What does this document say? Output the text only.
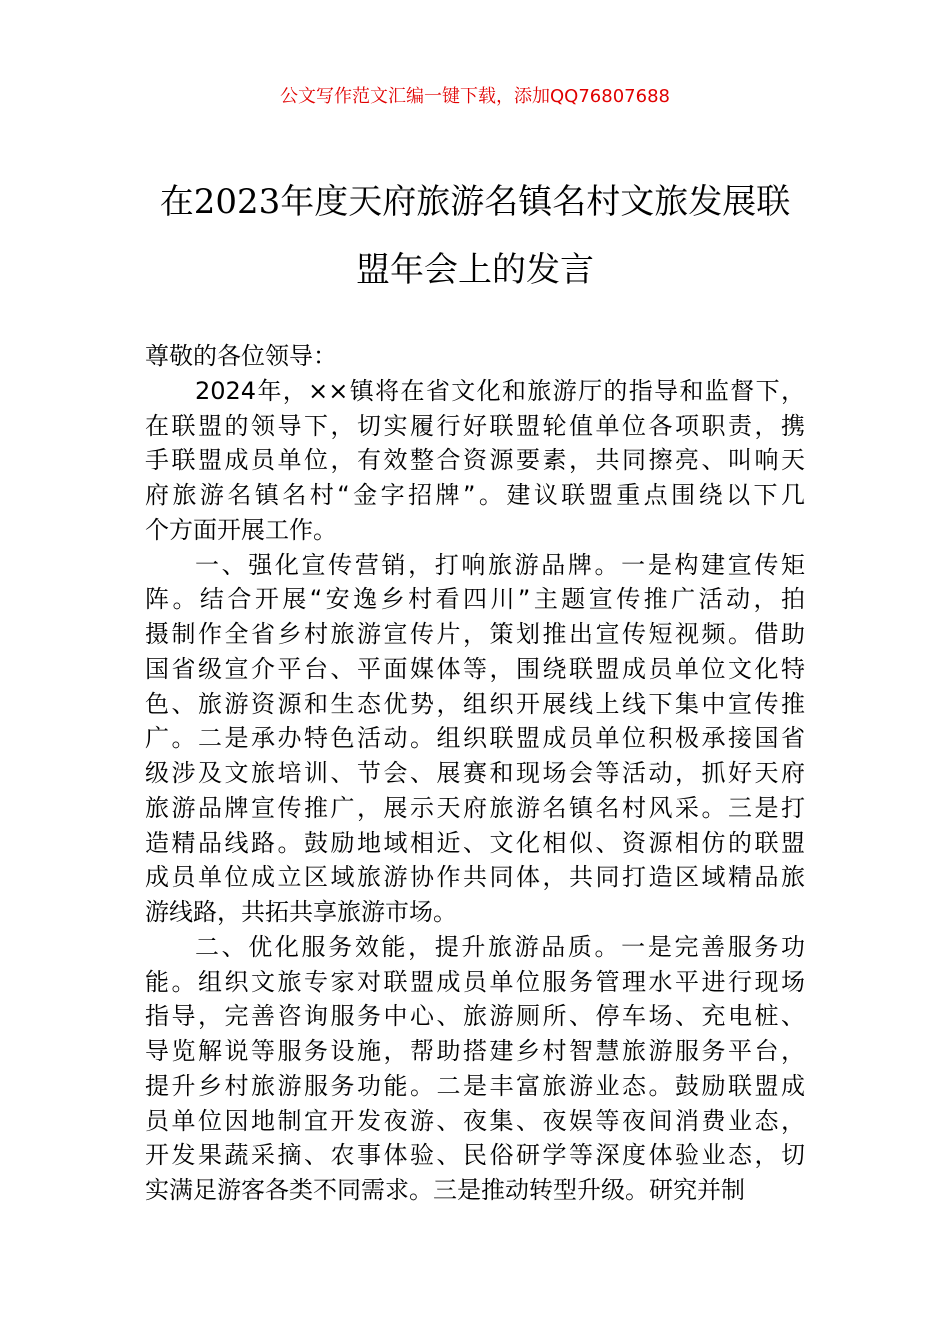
公文写作范文汇编一键下载，添加QQ76807688
在2023年度天府旅游名镇名村文旅发展联
盟年会上的发言
尊敬的各位领导：
2024年，××镇将在省文化和旅游厅的指导和监督下，
在联盟的领导下，切实履行好联盟轮值单位各项职责，携
手联盟成员单位，有效整合资源要素，共同擦亮、叫响天
府旅游名镇名村“金字招牌”。建议联盟重点围绕以下几
个方面开展工作。
一、强化宣传营销，打响旅游品牌。一是构建宣传矩
阵。结合开展“安逸乡村看四川”主题宣传推广活动，拍
摄制作全省乡村旅游宣传片，策划推出宣传短视频。借助
国省级宣介平台、平面媒体等，围绕联盟成员单位文化特
色、旅游资源和生态优势，组织开展线上线下集中宣传推
广。二是承办特色活动。组织联盟成员单位积极承接国省
级涉及文旅培训、节会、展赛和现场会等活动，抓好天府
旅游品牌宣传推广，展示天府旅游名镇名村风采。三是打
造精品线路。鼓励地域相近、文化相似、资源相仿的联盟
成员单位成立区域旅游协作共同体，共同打造区域精品旅
游线路，共拓共享旅游市场。
二、优化服务效能，提升旅游品质。一是完善服务功
能。组织文旅专家对联盟成员单位服务管理水平进行现场
指导，完善咨询服务中心、旅游厕所、停车场、充电桩、
导览解说等服务设施，帮助搭建乡村智慧旅游服务平台，
提升乡村旅游服务功能。二是丰富旅游业态。鼓励联盟成
员单位因地制宜开发夜游、夜集、夜娱等夜间消费业态，
开发果蔬采摘、农事体验、民俗研学等深度体验业态，切
实满足游客各类不同需求。三是推动转型升级。研究并制
